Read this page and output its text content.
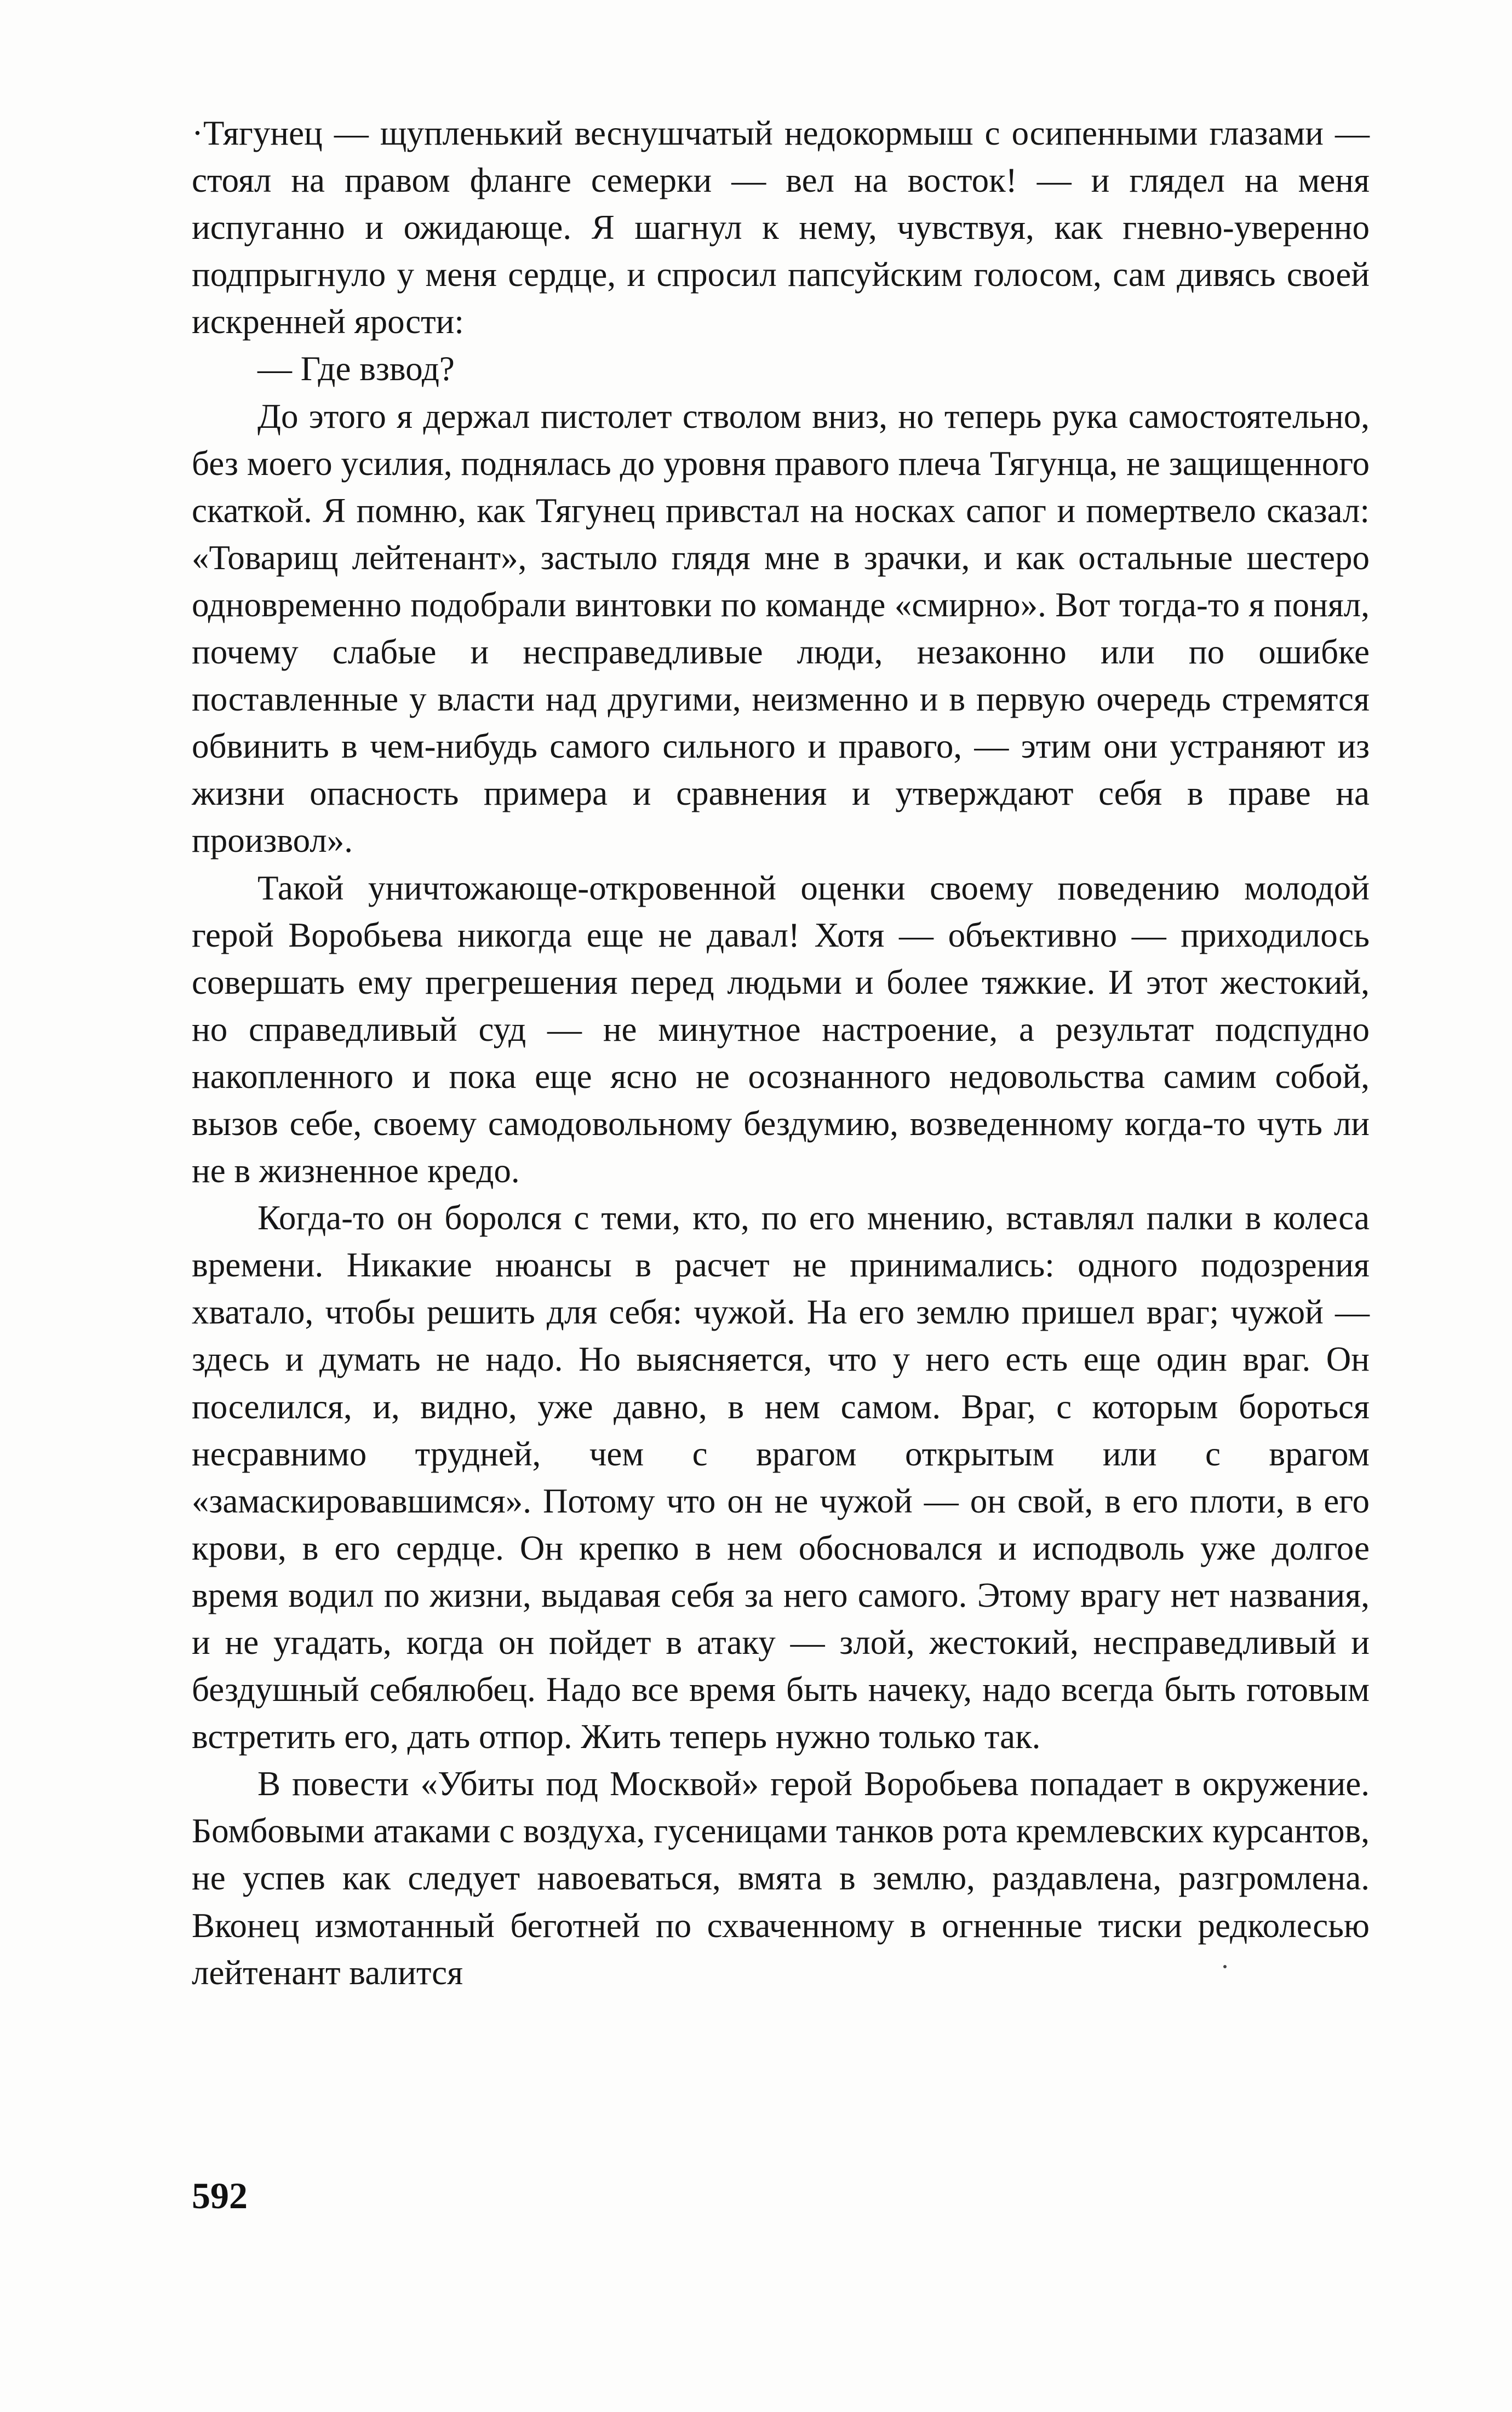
·Тягунец — щупленький веснушчатый недокормыш с осипенными глазами — стоял на правом фланге семерки — вел на восток! — и глядел на меня испуганно и ожидающе. Я шагнул к нему, чувствуя, как гневно-уверенно подпрыгнуло у меня сердце, и спросил папсуйским голосом, сам дивясь своей искренней ярости:

— Где взвод?

До этого я держал пистолет стволом вниз, но теперь рука самостоятельно, без моего усилия, поднялась до уровня правого плеча Тягунца, не защищенного скаткой. Я помню, как Тягунец привстал на носках сапог и помертвело сказал: «Товарищ лейтенант», застыло глядя мне в зрачки, и как остальные шестеро одновременно подобрали винтовки по команде «смирно». Вот тогда-то я понял, почему слабые и несправедливые люди, незаконно или по ошибке поставленные у власти над другими, неизменно и в первую очередь стремятся обвинить в чем-нибудь самого сильного и правого, — этим они устраняют из жизни опасность примера и сравнения и утверждают себя в праве на произвол».

Такой уничтожающе-откровенной оценки своему поведению молодой герой Воробьева никогда еще не давал! Хотя — объективно — приходилось совершать ему прегрешения перед людьми и более тяжкие. И этот жестокий, но справедливый суд — не минутное настроение, а результат подспудно накопленного и пока еще ясно не осознанного недовольства самим собой, вызов себе, своему самодовольному бездумию, возведенному когда-то чуть ли не в жизненное кредо.

Когда-то он боролся с теми, кто, по его мнению, вставлял палки в колеса времени. Никакие нюансы в расчет не принимались: одного подозрения хватало, чтобы решить для себя: чужой. На его землю пришел враг; чужой — здесь и думать не надо. Но выясняется, что у него есть еще один враг. Он поселился, и, видно, уже давно, в нем самом. Враг, с которым бороться несравнимо трудней, чем с врагом открытым или с врагом «замаскировавшимся». Потому что он не чужой — он свой, в его плоти, в его крови, в его сердце. Он крепко в нем обосновался и исподволь уже долгое время водил по жизни, выдавая себя за него самого. Этому врагу нет названия, и не угадать, когда он пойдет в атаку — злой, жестокий, несправедливый и бездушный себялюбец. Надо все время быть начеку, надо всегда быть готовым встретить его, дать отпор. Жить теперь нужно только так.

В повести «Убиты под Москвой» герой Воробьева попадает в окружение. Бомбовыми атаками с воздуха, гусеницами танков рота кремлевских курсантов, не успев как следует навоеваться, вмята в землю, раздавлена, разгромлена. Вконец измотанный беготней по схваченному в огненные тиски редколесью лейтенант валится

592
